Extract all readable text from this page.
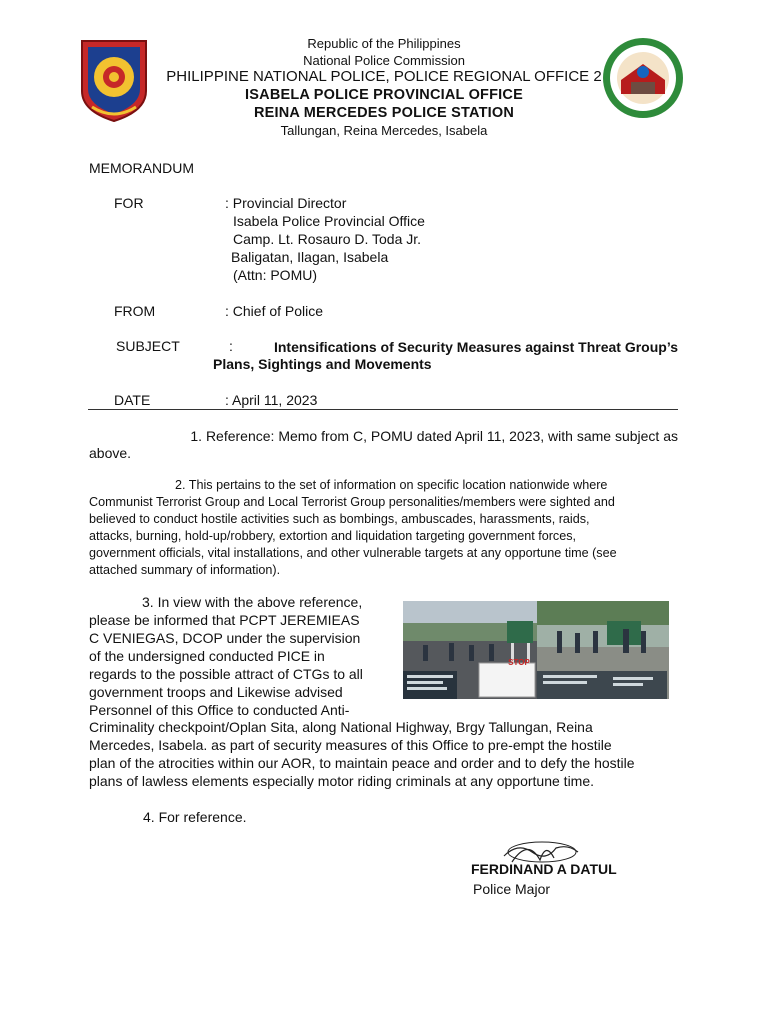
Republic of the Philippines
National Police Commission
PHILIPPINE NATIONAL POLICE, POLICE REGIONAL OFFICE 2
ISABELA POLICE PROVINCIAL OFFICE
REINA MERCEDES POLICE STATION
Tallungan, Reina Mercedes, Isabela
MEMORANDUM
FOR	: Provincial Director
Isabela Police Provincial Office
Camp. Lt. Rosauro D. Toda Jr.
Baligatan, Ilagan, Isabela
(Attn: POMU)
FROM	: Chief of Police
SUBJECT	:	Intensifications of Security Measures against Threat Group’s
Plans, Sightings and Movements
DATE	: April 11, 2023
1. Reference: Memo from C, POMU dated April 11, 2023, with same subject as
above.
2. This pertains to the set of information on specific location nationwide where
Communist Terrorist Group and Local Terrorist Group personalities/members were sighted and
believed to conduct hostile activities such as bombings, ambuscades, harassments, raids,
attacks, burning, hold-up/robbery, extortion and liquidation targeting government forces,
government officials, vital installations, and other vulnerable targets at any opportune time (see
attached summary of information).
3. In view with the above reference,
please be informed that PCPT JEREMIEAS
C VENIEGAS, DCOP under the supervision
of the undersigned conducted PICE in
regards to the possible attract of CTGs to all
government troops and Likewise advised
Personnel of this Office to conducted Anti-
STOP
Criminality checkpoint/Oplan Sita, along National Highway, Brgy Tallungan, Reina
Mercedes, Isabela. as part of security measures of this Office to pre-empt the hostile
plan of the atrocities within our AOR, to maintain peace and order and to defy the hostile
plans of lawless elements especially motor riding criminals at any opportune time.
4. For reference.
FERDINAND A DATUL
Police Major
